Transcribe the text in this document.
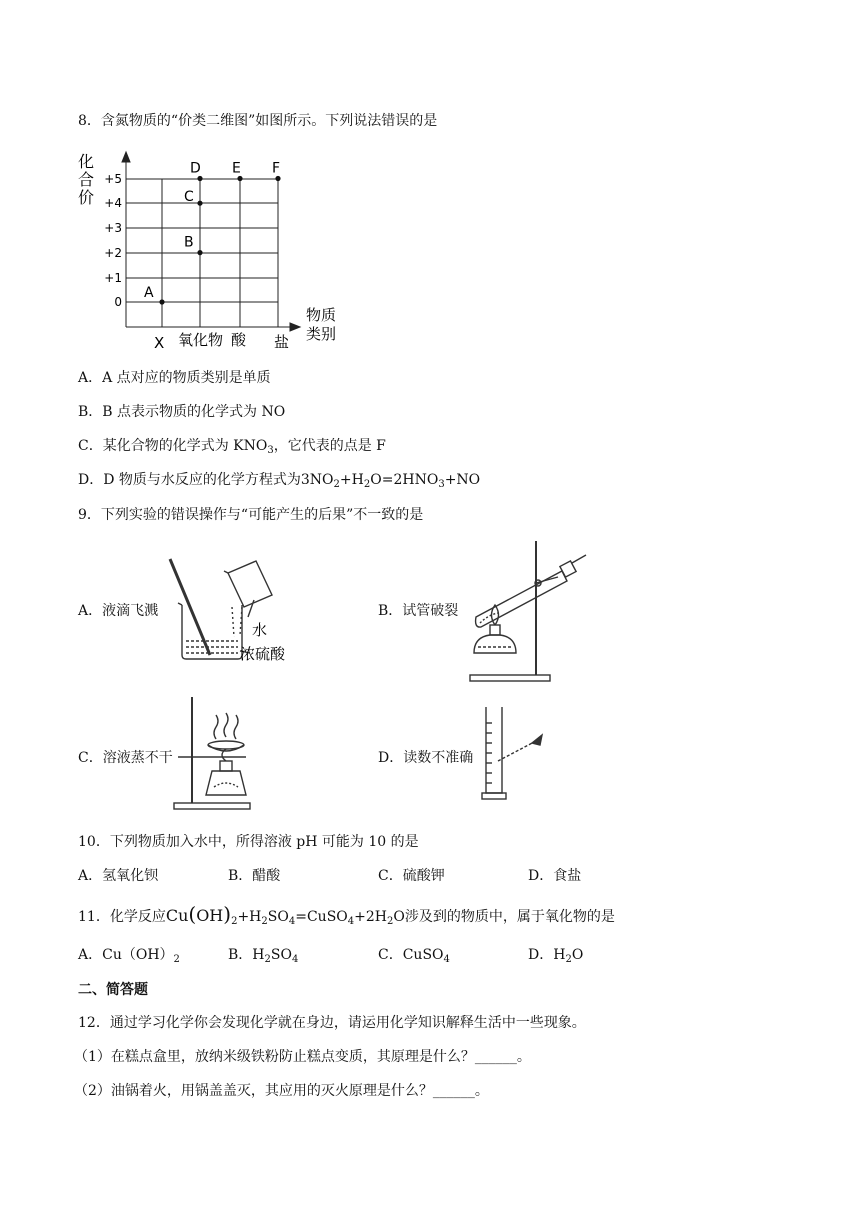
8．含氮物质的“价类二维图”如图所示。下列说法错误的是
化
合
价
+5
+4
+3
+2
+1
0
X 氧化物 酸 盐
物质
类别
A
B
C
D E F
A．A 点对应的物质类别是单质
B．B 点表示物质的化学式为 NO
C．某化合物的化学式为 $KNO_3$，它代表的点是 F
D．D 物质与水反应的化学方程式为$3NO_2+H_2O=2HNO_3+NO$
9．下列实验的错误操作与“可能产生的后果”不一致的是
A．液滴飞溅
水
浓硫酸
B．试管破裂
C．溶液蒸不干	D．读数不准确
10．下列物质加入水中，所得溶液 pH 可能为 10 的是
A．氢氧化钡	B．醋酸	C．硫酸钾	D．食盐
11．化学反应$Cu(OH)_2+H_2SO_4=CuSO_4+2H_2O$涉及到的物质中，属于氧化物的是
A．$Cu(OH)_2$	B．$H_2SO_4$	C．CuSO$_4$	D．$H_2O$
二、简答题
12．通过学习化学你会发现化学就在身边，请运用化学知识解释生活中一些现象。
（1）在糕点盒里，放纳米级铁粉防止糕点变质，其原理是什么？______。
（2）油锅着火，用锅盖盖灭，其应用的灭火原理是什么？______。
